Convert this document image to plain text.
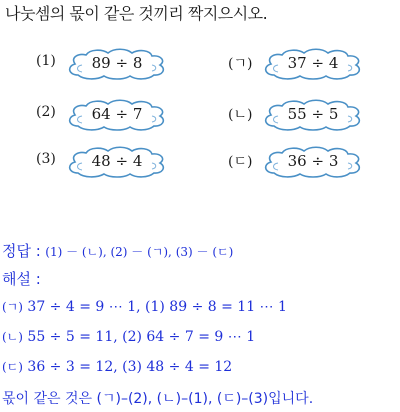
나눗셈의 몫이 같은 것끼리 짝지으시오.
(1)	89 ÷ 8
(2)	64 ÷ 7
(3)	48 ÷ 4
(ㄱ)	37 ÷ 4
(ㄴ)	55 ÷ 5
(ㄷ)	36 ÷ 3
정답 : (1) － (ㄴ), (2) － (ㄱ), (3) － (ㄷ)
해설 :
(ㄱ) 37 ÷ 4 = 9 ⋯ 1, (1) 89 ÷ 8 = 11 ⋯ 1
(ㄴ) 55 ÷ 5 = 11, (2) 64 ÷ 7 = 9 ⋯ 1
(ㄷ) 36 ÷ 3 = 12, (3) 48 ÷ 4 = 12
몫이 같은 것은 (ㄱ)–(2), (ㄴ)–(1), (ㄷ)–(3)입니다.
